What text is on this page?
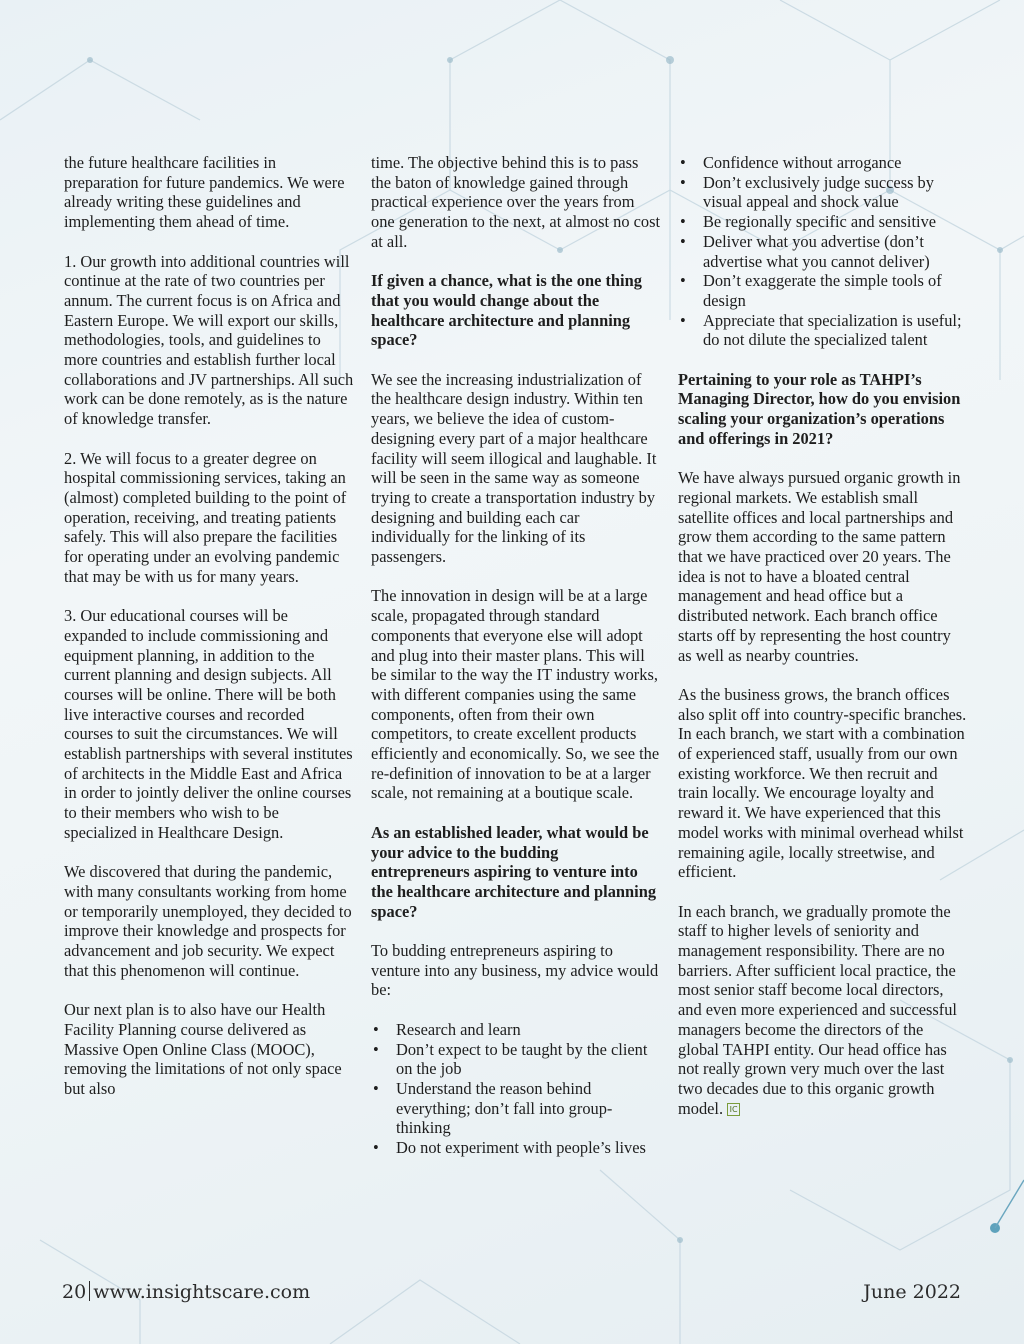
the future healthcare facilities in preparation for future pandemics. We were already writing these guidelines and implementing them ahead of time.

1. Our growth into additional countries will continue at the rate of two countries per annum. The current focus is on Africa and Eastern Europe. We will export our skills, methodologies, tools, and guidelines to more countries and establish further local collaborations and JV partnerships. All such work can be done remotely, as is the nature of knowledge transfer.

2. We will focus to a greater degree on hospital commissioning services, taking an (almost) completed building to the point of operation, receiving, and treating patients safely. This will also prepare the facilities for operating under an evolving pandemic that may be with us for many years.

3. Our educational courses will be expanded to include commissioning and equipment planning, in addition to the current planning and design subjects. All courses will be online. There will be both live interactive courses and recorded courses to suit the circumstances. We will establish partnerships with several institutes of architects in the Middle East and Africa in order to jointly deliver the online courses to their members who wish to be specialized in Healthcare Design.

We discovered that during the pandemic, with many consultants working from home or temporarily unemployed, they decided to improve their knowledge and prospects for advancement and job security. We expect that this phenomenon will continue.

Our next plan is to also have our Health Facility Planning course delivered as Massive Open Online Class (MOOC), removing the limitations of not only space but also

time. The objective behind this is to pass the baton of knowledge gained through practical experience over the years from one generation to the next, at almost no cost at all.

If given a chance, what is the one thing that you would change about the healthcare architecture and planning space?

We see the increasing industrialization of the healthcare design industry. Within ten years, we believe the idea of custom-designing every part of a major healthcare facility will seem illogical and laughable. It will be seen in the same way as someone trying to create a transportation industry by designing and building each car individually for the linking of its passengers.

The innovation in design will be at a large scale, propagated through standard components that everyone else will adopt and plug into their master plans. This will be similar to the way the IT industry works, with different companies using the same components, often from their own competitors, to create excellent products efficiently and economically. So, we see the re-definition of innovation to be at a larger scale, not remaining at a boutique scale.

As an established leader, what would be your advice to the budding entrepreneurs aspiring to venture into the healthcare architecture and planning space?

To budding entrepreneurs aspiring to venture into any business, my advice would be:

• Research and learn
• Don’t expect to be taught by the client on the job
• Understand the reason behind everything; don’t fall into group-thinking
• Do not experiment with people’s lives
• Confidence without arrogance
• Don’t exclusively judge success by visual appeal and shock value
• Be regionally specific and sensitive
• Deliver what you advertise (don’t advertise what you cannot deliver)
• Don’t exaggerate the simple tools of design
• Appreciate that specialization is useful; do not dilute the specialized talent

Pertaining to your role as TAHPI’s Managing Director, how do you envision scaling your organization’s operations and offerings in 2021?

We have always pursued organic growth in regional markets. We establish small satellite offices and local partnerships and grow them according to the same pattern that we have practiced over 20 years. The idea is not to have a bloated central management and head office but a distributed network. Each branch office starts off by representing the host country as well as nearby countries.

As the business grows, the branch offices also split off into country-specific branches. In each branch, we start with a combination of experienced staff, usually from our own existing workforce. We then recruit and train locally. We encourage loyalty and reward it. We have experienced that this model works with minimal overhead whilst remaining agile, locally streetwise, and efficient.

In each branch, we gradually promote the staff to higher levels of seniority and management responsibility. There are no barriers. After sufficient local practice, the most senior staff become local directors, and even more experienced and successful managers become the directors of the global TAHPI entity. Our head office has not really grown very much over the last two decades due to this organic growth model. IC

20 www.insightscare.com	June 2022
